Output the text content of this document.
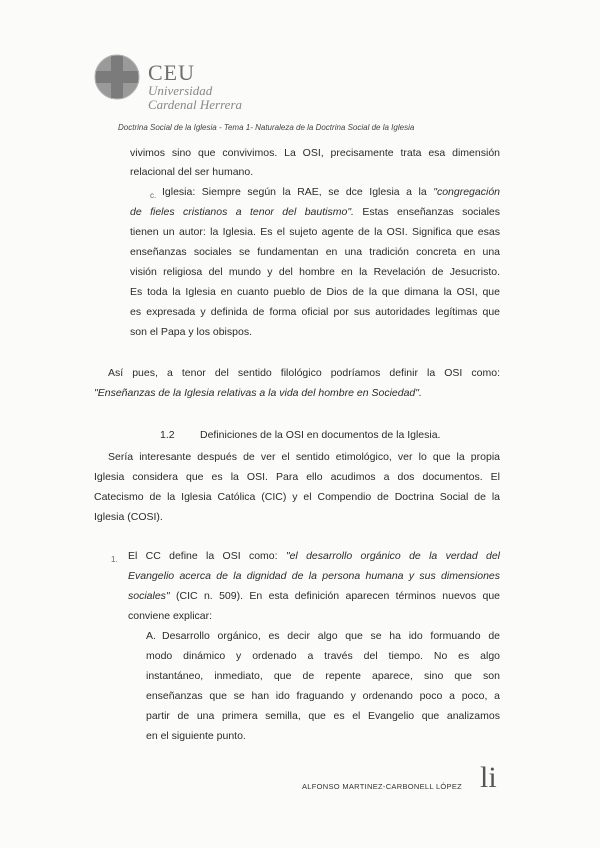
CEU
Universidad
Cardenal Herrera
Doctrina Social de la Iglesia - Tema 1- Naturaleza de la Doctrina Social de la Iglesia
vivimos sino que convivimos. La OSI, precisamente trata esa dimensión
relacional del ser humano.
c. Iglesia: Siempre según la RAE, se dce Iglesia a la "congregación
de fieles cristianos a tenor del bautismo". Estas enseñanzas sociales
tienen un autor: la Iglesia. Es el sujeto agente de la OSI. Significa que esas
enseñanzas sociales se fundamentan en una tradición concreta en una
visión religiosa del mundo y del hombre en la Revelación de Jesucristo.
Es toda la Iglesia en cuanto pueblo de Dios de la que dimana la OSI, que
es expresada y definida de forma oficial por sus autoridades legítimas que
son el Papa y los obispos.
Así pues, a tenor del sentido filológico podríamos definir la OSI como:
"Enseñanzas de la Iglesia relativas a la vida del hombre en Sociedad".
1.2 Definiciones de la OSI en documentos de la Iglesia.
Sería interesante después de ver el sentido etimológico, ver lo que la propia
Iglesia considera que es la OSI. Para ello acudimos a dos documentos. El
Catecismo de la Iglesia Católica (CIC) y el Compendio de Doctrina Social de la
Iglesia (COSI).
1. El CC define la OSI como: "el desarrollo orgánico de la verdad del
Evangelio acerca de la dignidad de la persona humana y sus dimensiones
sociales" (CIC n. 509). En esta definición aparecen términos nuevos que
conviene explicar:
A. Desarrollo orgánico, es decir algo que se ha ido formuando de
modo dinámico y ordenado a través del tiempo. No es algo
instantáneo, inmediato, que de repente aparece, sino que son
enseñanzas que se han ido fraguando y ordenando poco a poco, a
partir de una primera semilla, que es el Evangelio que analizamos
en el siguiente punto.
ALFONSO MARTINEZ-CARBONELL LÓPEZ li
